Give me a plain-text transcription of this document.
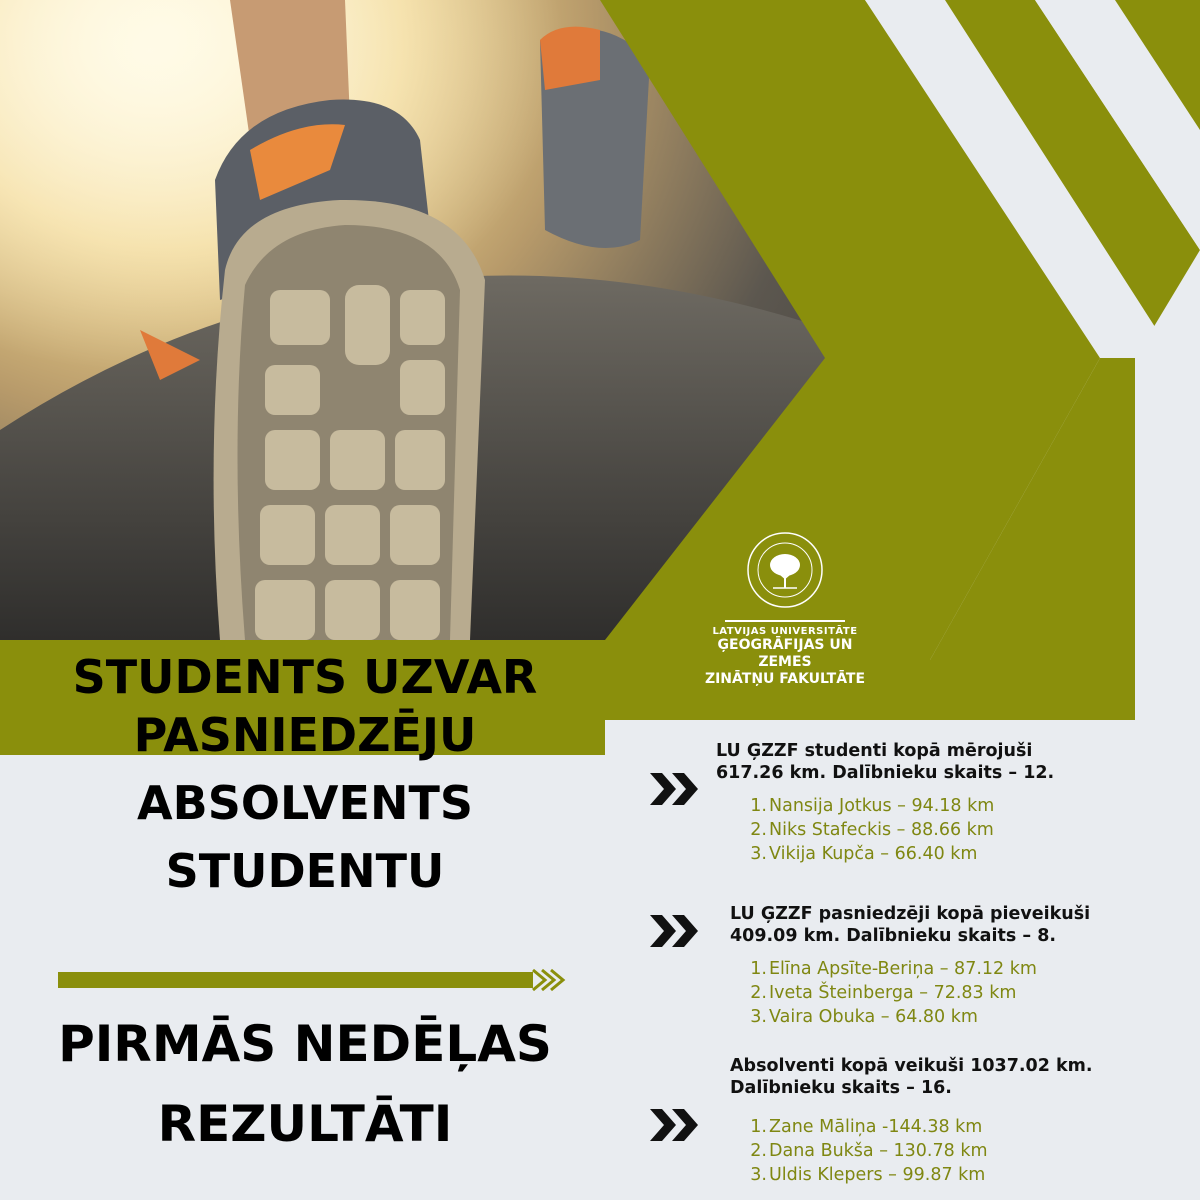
LATVIJAS UNIVERSITĀTE
ĢEOGRĀFIJAS UN ZEMES
ZINĀTŅU FAKULTĀTE
STUDENTS UZVAR
PASNIEDZĒJU
ABSOLVENTS
STUDENTU
PIRMĀS NEDĒĻAS
REZULTĀTI
LU ĢZZF studenti kopā mērojuši
617.26 km. Dalībnieku skaits – 12.
1. Nansija Jotkus – 94.18 km
2. Niks Stafeckis – 88.66 km
3. Vikija Kupča – 66.40 km
LU ĢZZF pasniedzēji kopā pieveikuši
409.09 km. Dalībnieku skaits – 8.
1. Elīna Apsīte-Beriņa – 87.12 km
2. Iveta Šteinberga – 72.83 km
3. Vaira Obuka – 64.80 km
Absolventi kopā veikuši 1037.02 km.
Dalībnieku skaits – 16.
1. Zane Māliņa -144.38 km
2. Dana Bukša – 130.78 km
3. Uldis Klepers – 99.87 km
